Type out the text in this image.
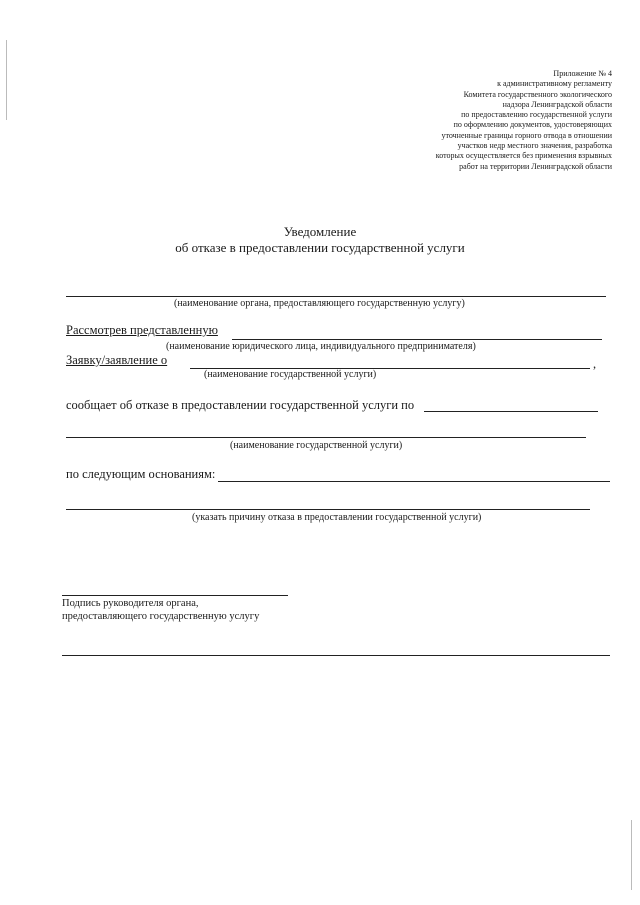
Приложение № 4
к административному регламенту
Комитета государственного экологического
надзора Ленинградской области
по предоставлению государственной услуги
по оформлению документов, удостоверяющих
уточненные границы горного отвода в отношении
участков недр местного значения, разработка
которых осуществляется без применения взрывных
работ на территории Ленинградской области
Уведомление
об отказе в предоставлении государственной услуги
(наименование органа, предоставляющего государственную услугу)
Рассмотрев представленную
(наименование юридического лица, индивидуального предпринимателя)
Заявку/заявление о	,
(наименование государственной услуги)
сообщает об отказе в предоставлении государственной услуги по
(наименование государственной услуги)
по следующим основаниям:
(указать причину отказа в предоставлении государственной услуги)
Подпись руководителя органа,
предоставляющего государственную услугу
